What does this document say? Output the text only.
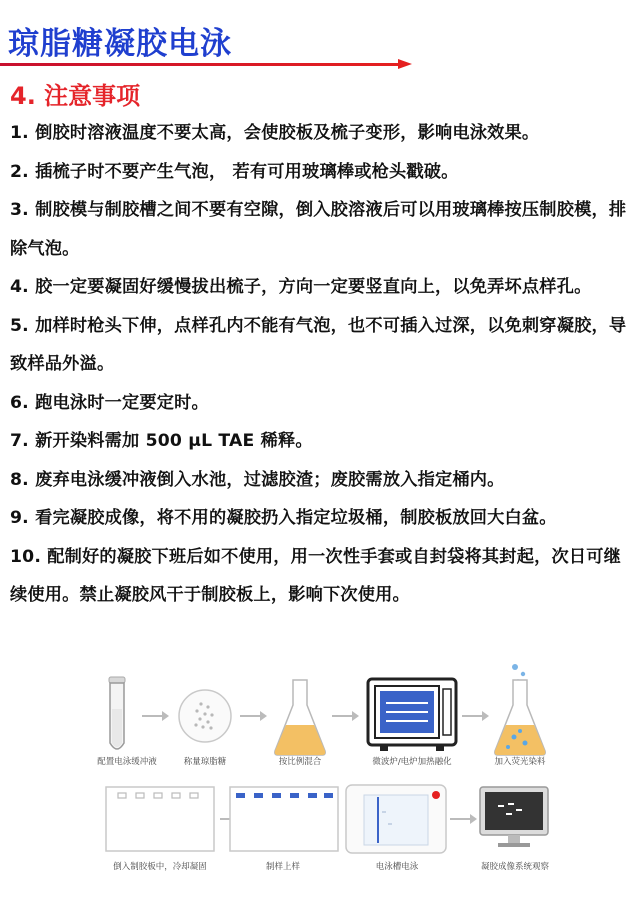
琼脂糖凝胶电泳
4. 注意事项
1. 倒胶时溶液温度不要太高，会使胶板及梳子变形，影响电泳效果。
2. 插梳子时不要产生气泡， 若有可用玻璃棒或枪头戳破。
3. 制胶模与制胶槽之间不要有空隙，倒入胶溶液后可以用玻璃棒按压制胶模，排除气泡。
4. 胶一定要凝固好缓慢拔出梳子，方向一定要竖直向上，以免弄坏点样孔。
5. 加样时枪头下伸，点样孔内不能有气泡，也不可插入过深，以免刺穿凝胶，导致样品外溢。
6. 跑电泳时一定要定时。
7. 新开染料需加 500 μL TAE 稀释。
8. 废弃电泳缓冲液倒入水池，过滤胶渣；废胶需放入指定桶内。
9. 看完凝胶成像，将不用的凝胶扔入指定垃圾桶，制胶板放回大白盆。
10. 配制好的凝胶下班后如不使用，用一次性手套或自封袋将其封起，次日可继续使用。禁止凝胶风干于制胶板上，影响下次使用。
配置电泳缓冲液	称量琼脂糖	按比例混合	微波炉/电炉加热融化	加入荧光染料
倒入制胶板中，冷却凝固	制样上样	电泳槽电泳	凝胶成像系统观察
